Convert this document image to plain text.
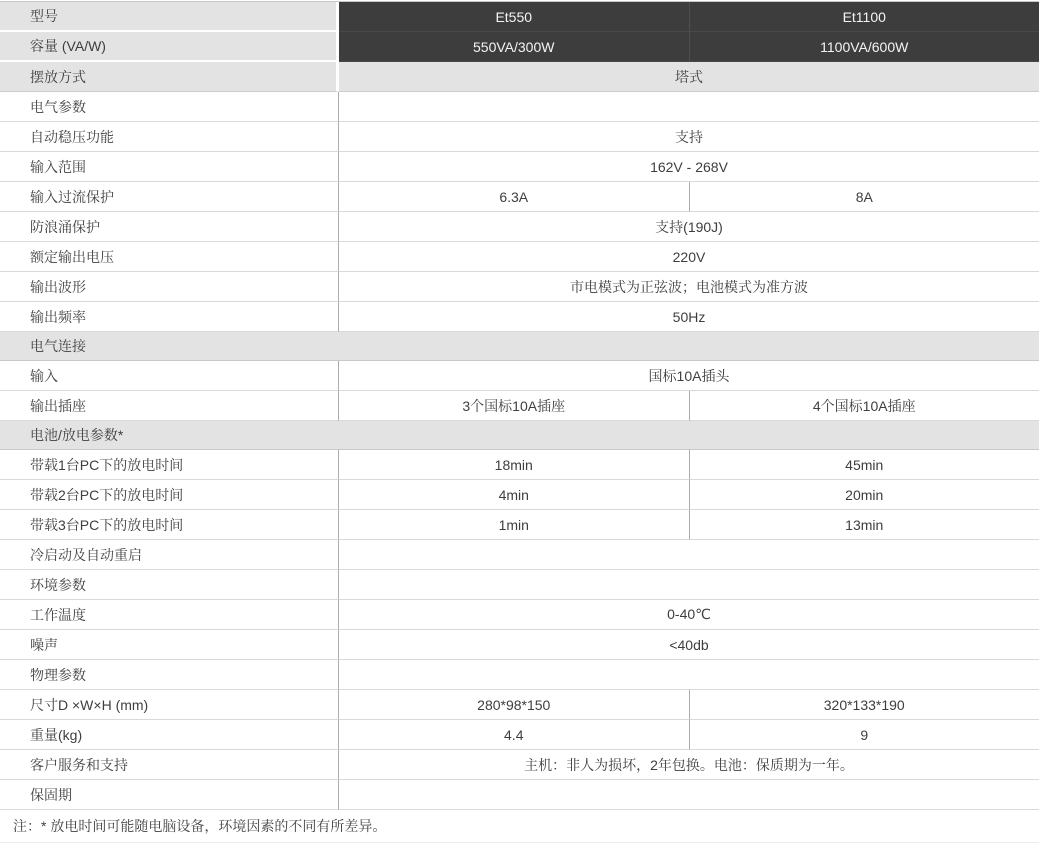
型号	Et550	Et1100
容量 (VA/W)	550VA/300W	1100VA/600W
摆放方式	塔式
电气参数
自动稳压功能	支持
输入范围	162V - 268V
输入过流保护	6.3A	8A
防浪涌保护	支持(190J)
额定输出电压	220V
输出波形	市电模式为正弦波；电池模式为准方波
输出频率	50Hz
电气连接
输入	国标10A插头
输出插座	3个国标10A插座	4个国标10A插座
电池/放电参数*
带载1台PC下的放电时间	18min	45min
带载2台PC下的放电时间	4min	20min
带载3台PC下的放电时间	1min	13min
冷启动及自动重启
环境参数
工作温度	0-40℃
噪声	<40db
物理参数
尺寸D ×W×H (mm)	280*98*150	320*133*190
重量(kg)	4.4	9
客户服务和支持	主机：非人为损坏，2年包换。电池：保质期为一年。
保固期
注：* 放电时间可能随电脑设备，环境因素的不同有所差异。
